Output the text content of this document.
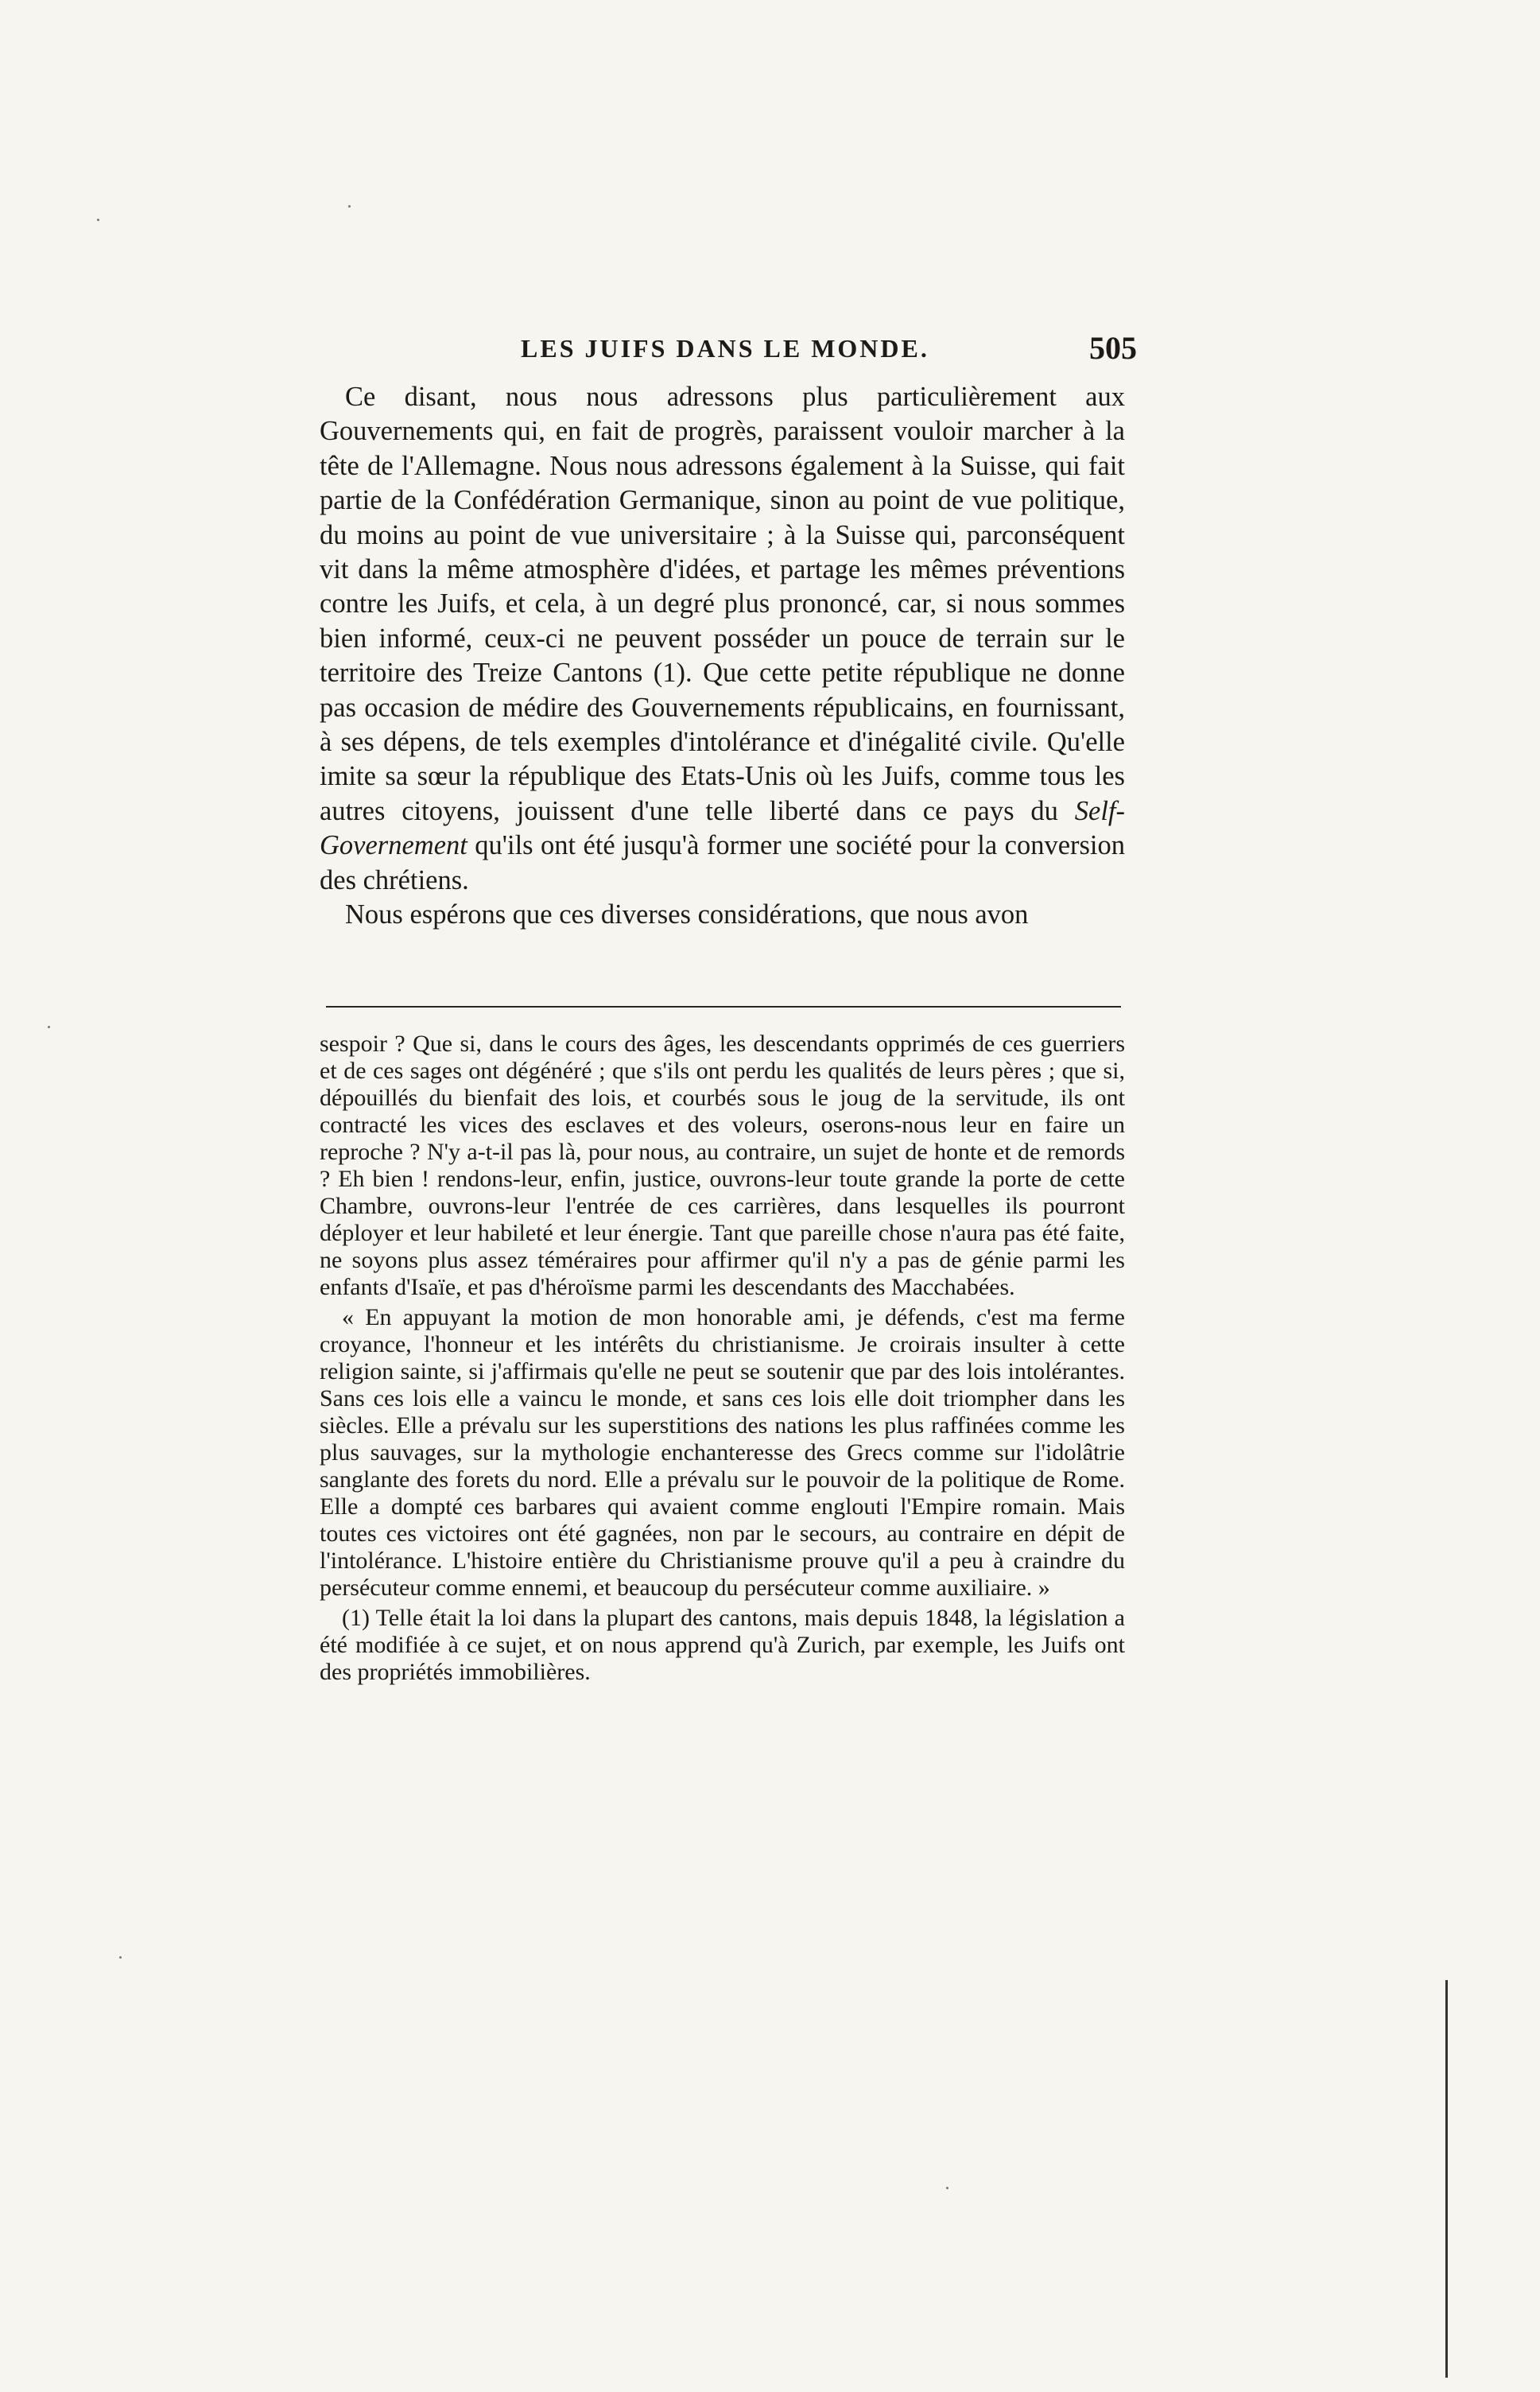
LES JUIFS DANS LE MONDE.	505

Ce disant, nous nous adressons plus particulièrement aux Gouvernements qui, en fait de progrès, paraissent vouloir marcher à la tête de l'Allemagne. Nous nous adressons également à la Suisse, qui fait partie de la Confédération Germanique, sinon au point de vue politique, du moins au point de vue universitaire ; à la Suisse qui, parconséquent vit dans la même atmosphère d'idées, et partage les mêmes préventions contre les Juifs, et cela, à un degré plus prononcé, car, si nous sommes bien informé, ceux-ci ne peuvent posséder un pouce de terrain sur le territoire des Treize Cantons (1). Que cette petite république ne donne pas occasion de médire des Gouvernements républicains, en fournissant, à ses dépens, de tels exemples d'intolérance et d'inégalité civile. Qu'elle imite sa sœur la république des Etats-Unis où les Juifs, comme tous les autres citoyens, jouissent d'une telle liberté dans ce pays du Self-Governement qu'ils ont été jusqu'à former une société pour la conversion des chrétiens.

Nous espérons que ces diverses considérations, que nous avon

sespoir ? Que si, dans le cours des âges, les descendants opprimés de ces guerriers et de ces sages ont dégénéré ; que s'ils ont perdu les qualités de leurs pères ; que si, dépouillés du bienfait des lois, et courbés sous le joug de la servitude, ils ont contracté les vices des esclaves et des voleurs, oserons-nous leur en faire un reproche ? N'y a-t-il pas là, pour nous, au contraire, un sujet de honte et de remords ? Eh bien ! rendons-leur, enfin, justice, ouvrons-leur toute grande la porte de cette Chambre, ouvrons-leur l'entrée de ces carrières, dans lesquelles ils pourront déployer et leur habileté et leur énergie. Tant que pareille chose n'aura pas été faite, ne soyons plus assez téméraires pour affirmer qu'il n'y a pas de génie parmi les enfants d'Isaïe, et pas d'héroïsme parmi les descendants des Macchabées.

« En appuyant la motion de mon honorable ami, je défends, c'est ma ferme croyance, l'honneur et les intérêts du christianisme. Je croirais insulter à cette religion sainte, si j'affirmais qu'elle ne peut se soutenir que par des lois intolérantes. Sans ces lois elle a vaincu le monde, et sans ces lois elle doit triompher dans les siècles. Elle a prévalu sur les superstitions des nations les plus raffinées comme les plus sauvages, sur la mythologie enchanteresse des Grecs comme sur l'idolâtrie sanglante des forets du nord. Elle a prévalu sur le pouvoir de la politique de Rome. Elle a dompté ces barbares qui avaient comme englouti l'Empire romain. Mais toutes ces victoires ont été gagnées, non par le secours, au contraire en dépit de l'intolérance. L'histoire entière du Christianisme prouve qu'il a peu à craindre du persécuteur comme ennemi, et beaucoup du persécuteur comme auxiliaire. »

(1) Telle était la loi dans la plupart des cantons, mais depuis 1848, la législation a été modifiée à ce sujet, et on nous apprend qu'à Zurich, par exemple, les Juifs ont des propriétés immobilières.
